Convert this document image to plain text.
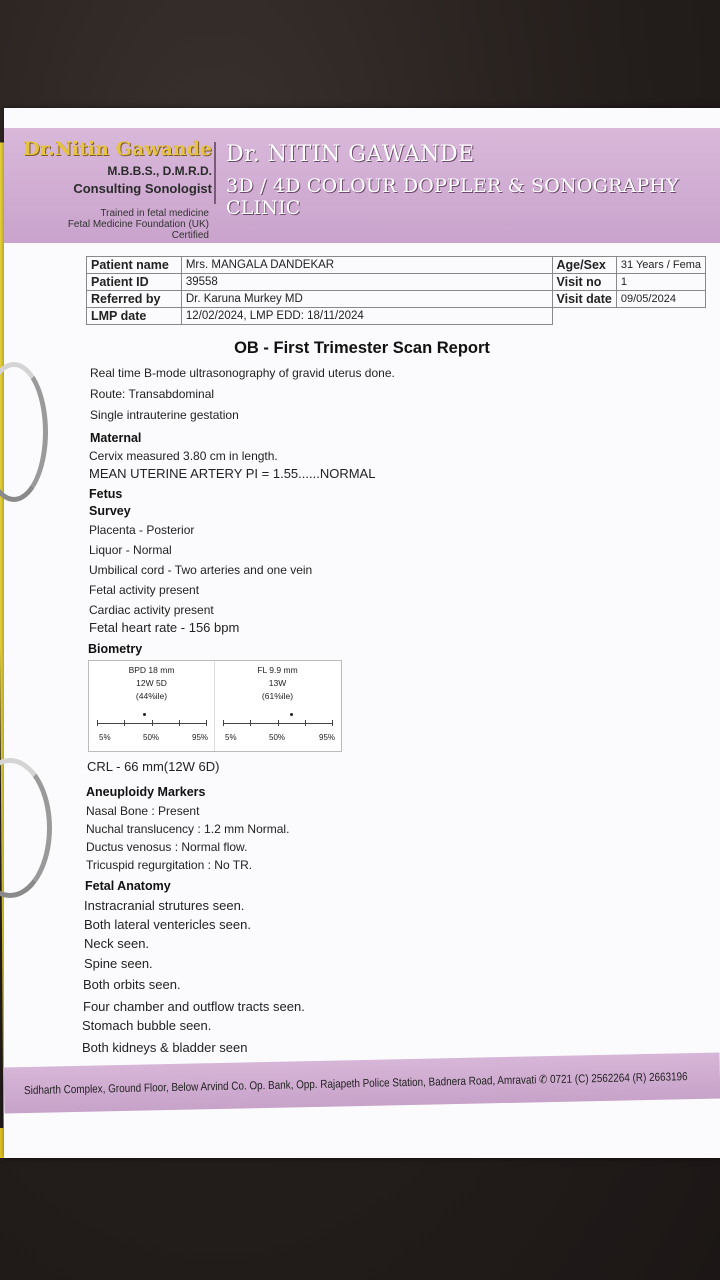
Dr.Nitin Gawande
M.B.B.S., D.M.R.D.
Consulting Sonologist
Trained in fetal medicine
Fetal Medicine Foundation (UK)
Certified
Dr. NITIN GAWANDE
3D / 4D COLOUR DOPPLER & SONOGRAPHY CLINIC
Patient name	Mrs. MANGALA DANDEKAR	Age/Sex	31 Years / Fema
Patient ID	39558	Visit no	1
Referred by	Dr. Karuna Murkey MD	Visit date	09/05/2024
LMP date	12/02/2024, LMP EDD: 18/11/2024		
OB - First Trimester Scan Report
Real time B-mode ultrasonography of gravid uterus done.
Route: Transabdominal
Single intrauterine gestation
Maternal
Cervix measured 3.80 cm in length.
MEAN UTERINE ARTERY PI = 1.55......NORMAL
Fetus
Survey
Placenta - Posterior
Liquor - Normal
Umbilical cord - Two arteries and one vein
Fetal activity present
Cardiac activity present
Fetal heart rate - 156 bpm
Biometry
BPD 18 mm
12W 5D
(44%ile)
5%	50%	95%
FL 9.9 mm
13W
(61%ile)
5%	50%	95%
CRL - 66 mm(12W 6D)
Aneuploidy Markers
Nasal Bone : Present
Nuchal translucency : 1.2 mm Normal.
Ductus venosus : Normal flow.
Tricuspid regurgitation : No TR.
Fetal Anatomy
Instracranial strutures seen.
Both lateral ventericles seen.
Neck seen.
Spine seen.
Both orbits seen.
Four chamber and outflow tracts seen.
Stomach bubble seen.
Both kidneys & bladder seen
Sidharth Complex, Ground Floor, Below Arvind Co. Op. Bank, Opp. Rajapeth Police Station, Badnera Road, Amravati ✆ 0721 (C) 2562264 (R) 2663196
